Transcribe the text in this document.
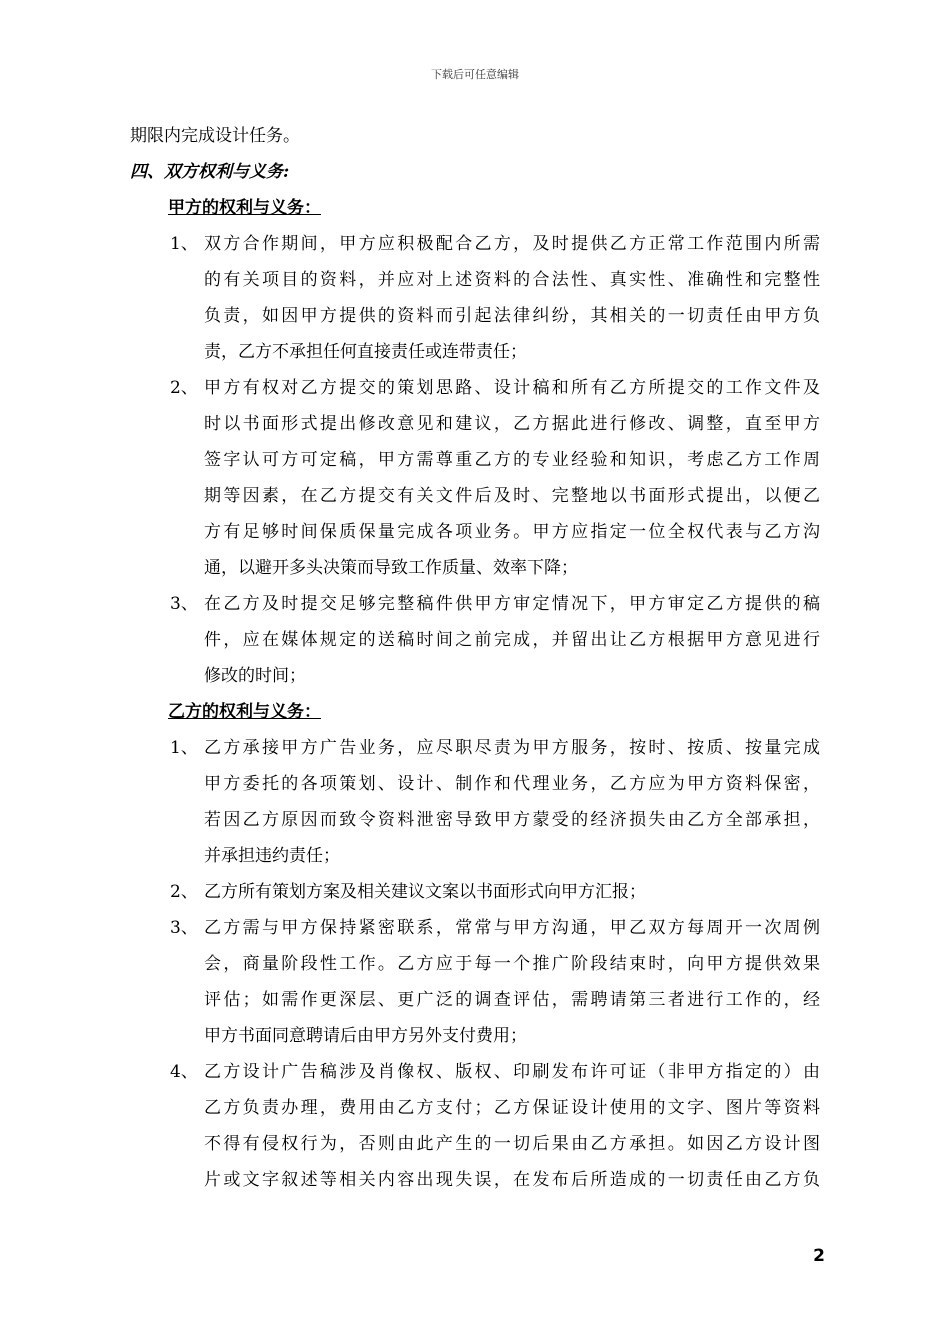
下载后可任意编辑
期限内完成设计任务。
四、双方权利与义务:
甲方的权利与义务：
1、 双方合作期间，甲方应积极配合乙方，及时提供乙方正常工作范围内所需
的有关项目的资料，并应对上述资料的合法性、真实性、准确性和完整性
负责，如因甲方提供的资料而引起法律纠纷，其相关的一切责任由甲方负
责，乙方不承担任何直接责任或连带责任；
2、 甲方有权对乙方提交的策划思路、设计稿和所有乙方所提交的工作文件及
时以书面形式提出修改意见和建议，乙方据此进行修改、调整，直至甲方
签字认可方可定稿，甲方需尊重乙方的专业经验和知识，考虑乙方工作周
期等因素，在乙方提交有关文件后及时、完整地以书面形式提出，以便乙
方有足够时间保质保量完成各项业务。甲方应指定一位全权代表与乙方沟
通，以避开多头决策而导致工作质量、效率下降；
3、 在乙方及时提交足够完整稿件供甲方审定情况下，甲方审定乙方提供的稿
件，应在媒体规定的送稿时间之前完成，并留出让乙方根据甲方意见进行
修改的时间；
乙方的权利与义务：
1、 乙方承接甲方广告业务，应尽职尽责为甲方服务，按时、按质、按量完成
甲方委托的各项策划、设计、制作和代理业务，乙方应为甲方资料保密，
若因乙方原因而致令资料泄密导致甲方蒙受的经济损失由乙方全部承担，
并承担违约责任；
2、 乙方所有策划方案及相关建议文案以书面形式向甲方汇报；
3、 乙方需与甲方保持紧密联系，常常与甲方沟通，甲乙双方每周开一次周例
会，商量阶段性工作。乙方应于每一个推广阶段结束时，向甲方提供效果
评估；如需作更深层、更广泛的调查评估，需聘请第三者进行工作的，经
甲方书面同意聘请后由甲方另外支付费用；
4、 乙方设计广告稿涉及肖像权、版权、印刷发布许可证（非甲方指定的）由
乙方负责办理，费用由乙方支付；乙方保证设计使用的文字、图片等资料
不得有侵权行为，否则由此产生的一切后果由乙方承担。如因乙方设计图
片或文字叙述等相关内容出现失误，在发布后所造成的一切责任由乙方负
2
